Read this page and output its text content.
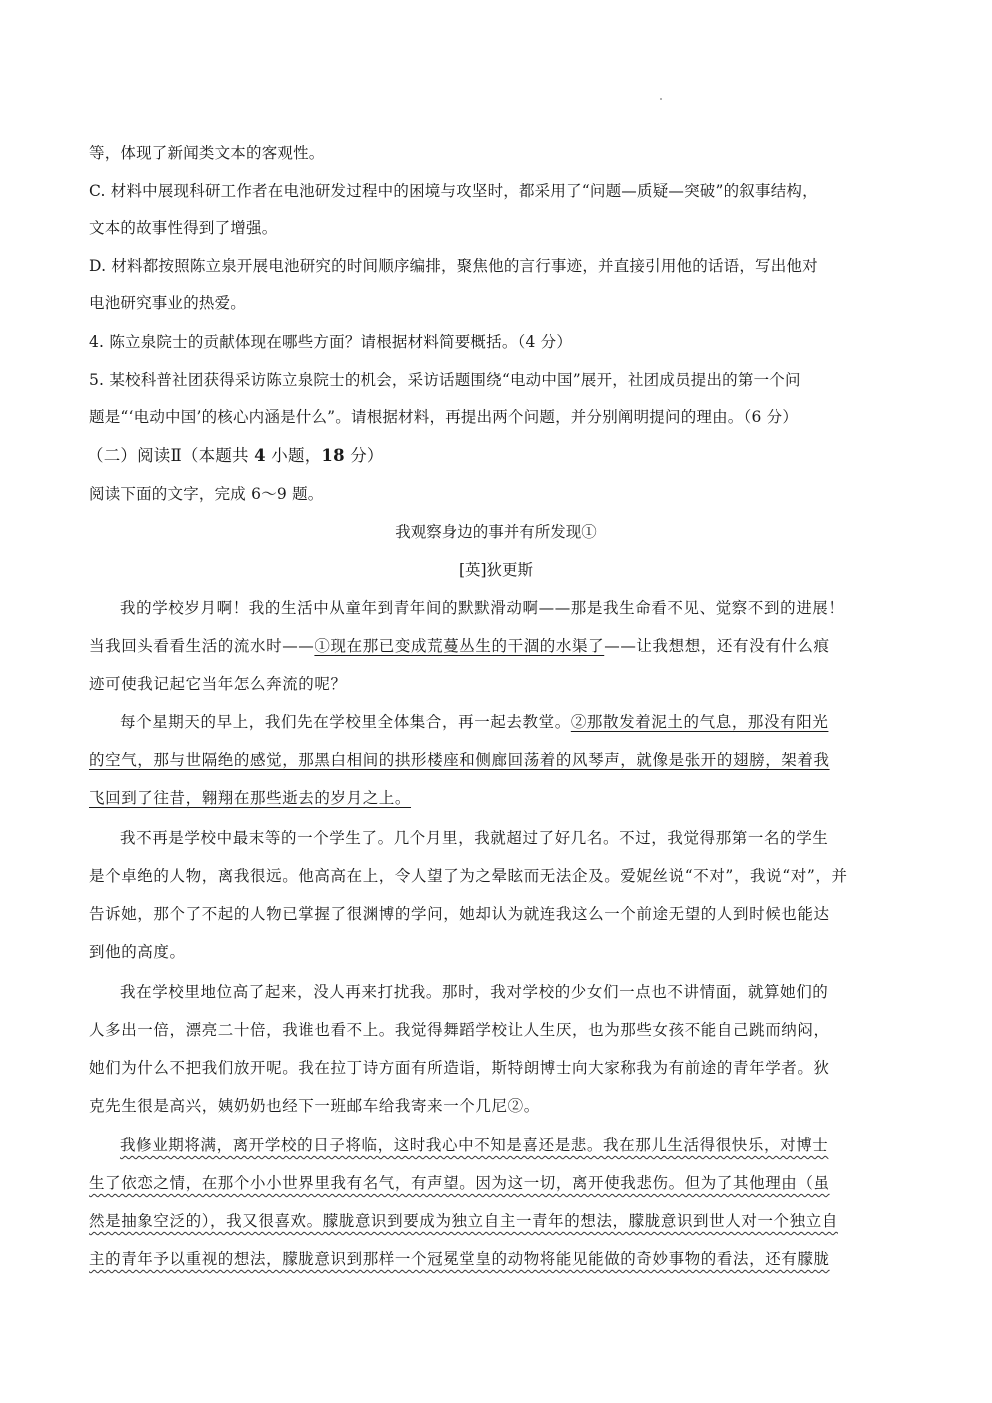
等，体现了新闻类文本的客观性。
C. 材料中展现科研工作者在电池研发过程中的困境与攻坚时，都采用了“问题—质疑—突破”的叙事结构，
文本的故事性得到了增强。
D. 材料都按照陈立泉开展电池研究的时间顺序编排，聚焦他的言行事迹，并直接引用他的话语，写出他对
电池研究事业的热爱。
4. 陈立泉院士的贡献体现在哪些方面？请根据材料简要概括。（4 分）
5. 某校科普社团获得采访陈立泉院士的机会，采访话题围绕“电动中国”展开，社团成员提出的第一个问
题是“‘电动中国’的核心内涵是什么”。请根据材料，再提出两个问题，并分别阐明提问的理由。（6 分）
（二）阅读Ⅱ（本题共 4 小题，18 分）
阅读下面的文字，完成 6～9 题。
我观察身边的事并有所发现①
[英]狄更斯
我的学校岁月啊！我的生活中从童年到青年间的默默滑动啊——那是我生命看不见、觉察不到的进展！
当我回头看看生活的流水时——①现在那已变成荒蔓丛生的干涸的水渠了——让我想想，还有没有什么痕
迹可使我记起它当年怎么奔流的呢？
每个星期天的早上，我们先在学校里全体集合，再一起去教堂。②那散发着泥土的气息，那没有阳光
的空气，那与世隔绝的感觉，那黑白相间的拱形楼座和侧廊回荡着的风琴声，就像是张开的翅膀，架着我
飞回到了往昔，翱翔在那些逝去的岁月之上。
我不再是学校中最末等的一个学生了。几个月里，我就超过了好几名。不过，我觉得那第一名的学生
是个卓绝的人物，离我很远。他高高在上，令人望了为之晕眩而无法企及。爱妮丝说“不对”，我说“对”，并
告诉她，那个了不起的人物已掌握了很渊博的学问，她却认为就连我这么一个前途无望的人到时候也能达
到他的高度。
我在学校里地位高了起来，没人再来打扰我。那时，我对学校的少女们一点也不讲情面，就算她们的
人多出一倍，漂亮二十倍，我谁也看不上。我觉得舞蹈学校让人生厌，也为那些女孩不能自己跳而纳闷，
她们为什么不把我们放开呢。我在拉丁诗方面有所造诣，斯特朗博士向大家称我为有前途的青年学者。狄
克先生很是高兴，姨奶奶也经下一班邮车给我寄来一个几尼②。
我修业期将满，离开学校的日子将临，这时我心中不知是喜还是悲。我在那儿生活得很快乐，对博士
生了依恋之情，在那个小小世界里我有名气，有声望。因为这一切，离开使我悲伤。但为了其他理由（虽
然是抽象空泛的），我又很喜欢。朦胧意识到要成为独立自主一青年的想法，朦胧意识到世人对一个独立自
主的青年予以重视的想法，朦胧意识到那样一个冠冕堂皇的动物将能见能做的奇妙事物的看法，还有朦胧
